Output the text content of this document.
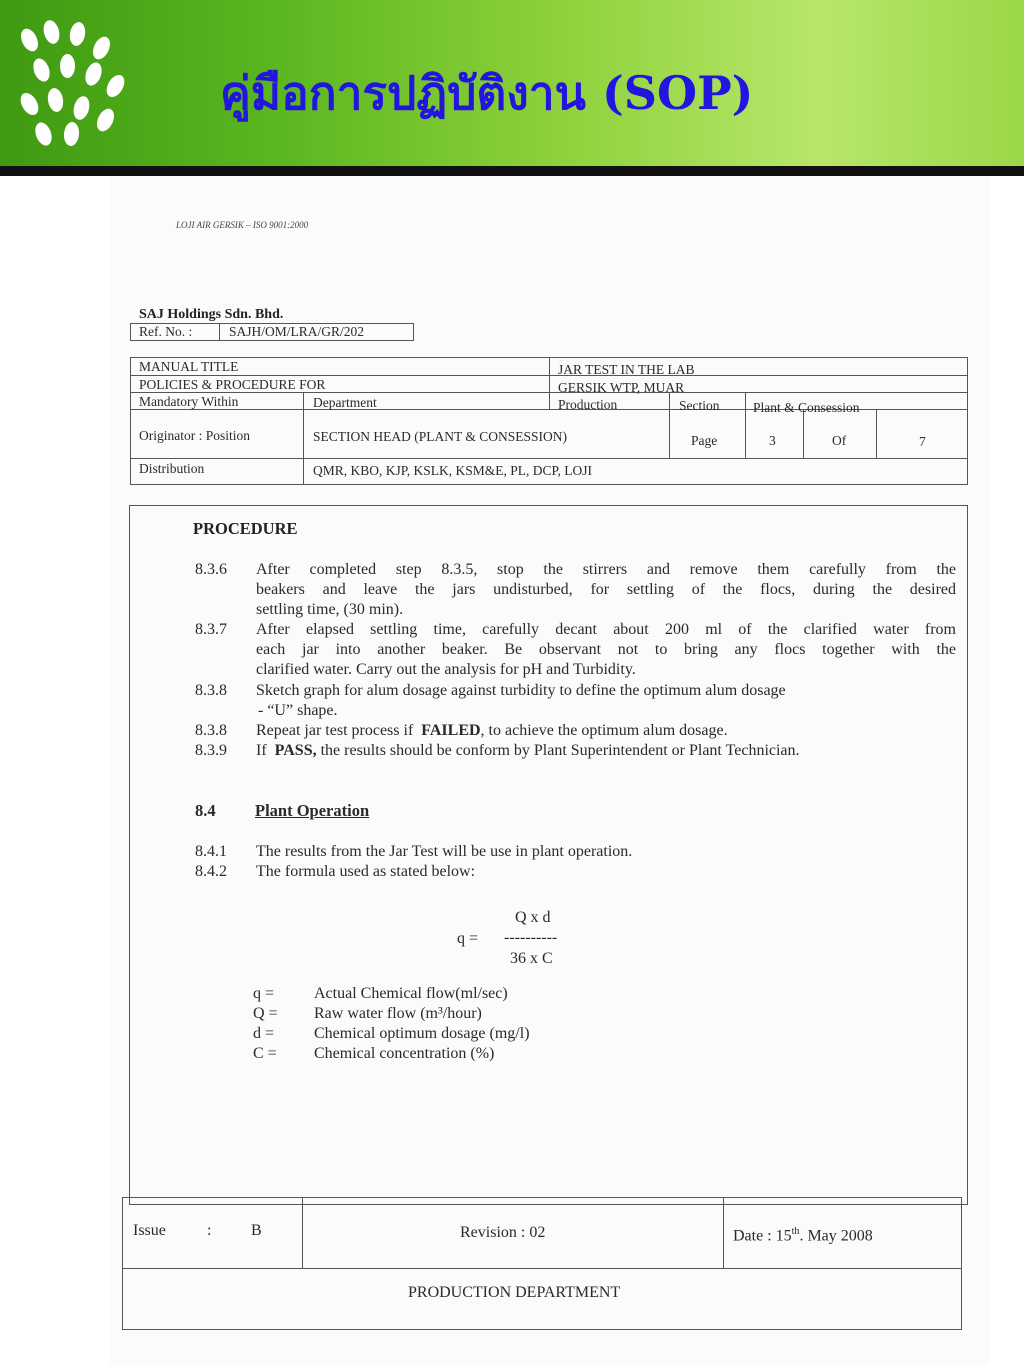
คู่มือการปฏิบัติงาน (SOP)
LOJI AIR GERSIK – ISO 9001:2000
SAJ Holdings Sdn. Bhd.
Ref. No. :	SAJH/OM/LRA/GR/202
MANUAL TITLE	JAR TEST IN THE LAB
POLICIES & PROCEDURE FOR	GERSIK WTP, MUAR
Mandatory Within	Department	Production	Section Plant & Consession
Originator : Position	SECTION HEAD (PLANT & CONSESSION)	Page	3	Of	7
Distribution	QMR, KBO, KJP, KSLK, KSM&E, PL, DCP, LOJI
PROCEDURE
8.3.6 After completed step 8.3.5, stop the stirrers and remove them carefully from the
beakers and leave the jars undisturbed, for settling of the flocs, during the desired
settling time, (30 min).
8.3.7 After elapsed settling time, carefully decant about 200 ml of the clarified water from
each jar into another beaker. Be observant not to bring any flocs together with the
clarified water. Carry out the analysis for pH and Turbidity.
8.3.8 Sketch graph for alum dosage against turbidity to define the optimum alum dosage
- “U” shape.
8.3.8 Repeat jar test process if  FAILED, to achieve the optimum alum dosage.
8.3.9 If  PASS, the results should be conform by Plant Superintendent or Plant Technician.
8.4 Plant Operation
8.4.1 The results from the Jar Test will be use in plant operation.
8.4.2 The formula used as stated below:
q =
Q x d
----------
36 x C
q = Actual Chemical flow(ml/sec)
Q = Raw water flow (m³/hour)
d = Chemical optimum dosage (mg/l)
C = Chemical concentration (%)
Issue	: B	Revision : 02	Date : 15th. May 2008
PRODUCTION DEPARTMENT
